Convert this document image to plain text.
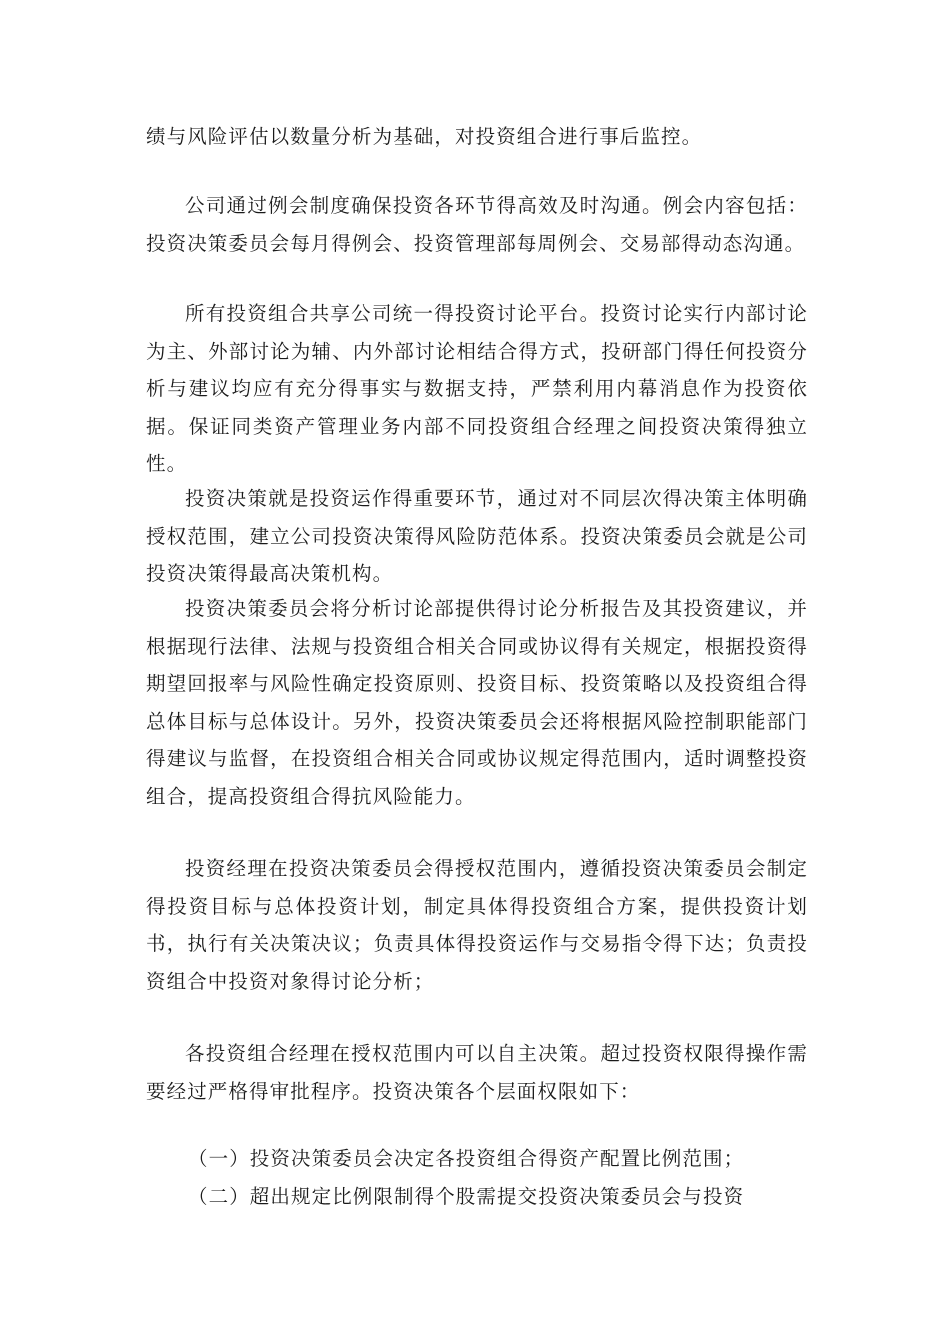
绩与风险评估以数量分析为基础，对投资组合进行事后监控。

公司通过例会制度确保投资各环节得高效及时沟通。例会内容包括：投资决策委员会每月得例会、投资管理部每周例会、交易部得动态沟通。

所有投资组合共享公司统一得投资讨论平台。投资讨论实行内部讨论为主、外部讨论为辅、内外部讨论相结合得方式，投研部门得任何投资分析与建议均应有充分得事实与数据支持，严禁利用内幕消息作为投资依据。保证同类资产管理业务内部不同投资组合经理之间投资决策得独立性。

投资决策就是投资运作得重要环节，通过对不同层次得决策主体明确授权范围，建立公司投资决策得风险防范体系。投资决策委员会就是公司投资决策得最高决策机构。

投资决策委员会将分析讨论部提供得讨论分析报告及其投资建议，并根据现行法律、法规与投资组合相关合同或协议得有关规定，根据投资得期望回报率与风险性确定投资原则、投资目标、投资策略以及投资组合得总体目标与总体设计。另外，投资决策委员会还将根据风险控制职能部门得建议与监督，在投资组合相关合同或协议规定得范围内，适时调整投资组合，提高投资组合得抗风险能力。

投资经理在投资决策委员会得授权范围内，遵循投资决策委员会制定得投资目标与总体投资计划，制定具体得投资组合方案，提供投资计划书，执行有关决策决议；负责具体得投资运作与交易指令得下达；负责投资组合中投资对象得讨论分析；

各投资组合经理在授权范围内可以自主决策。超过投资权限得操作需要经过严格得审批程序。投资决策各个层面权限如下：

（一）投资决策委员会决定各投资组合得资产配置比例范围；

（二）超出规定比例限制得个股需提交投资决策委员会与投资
